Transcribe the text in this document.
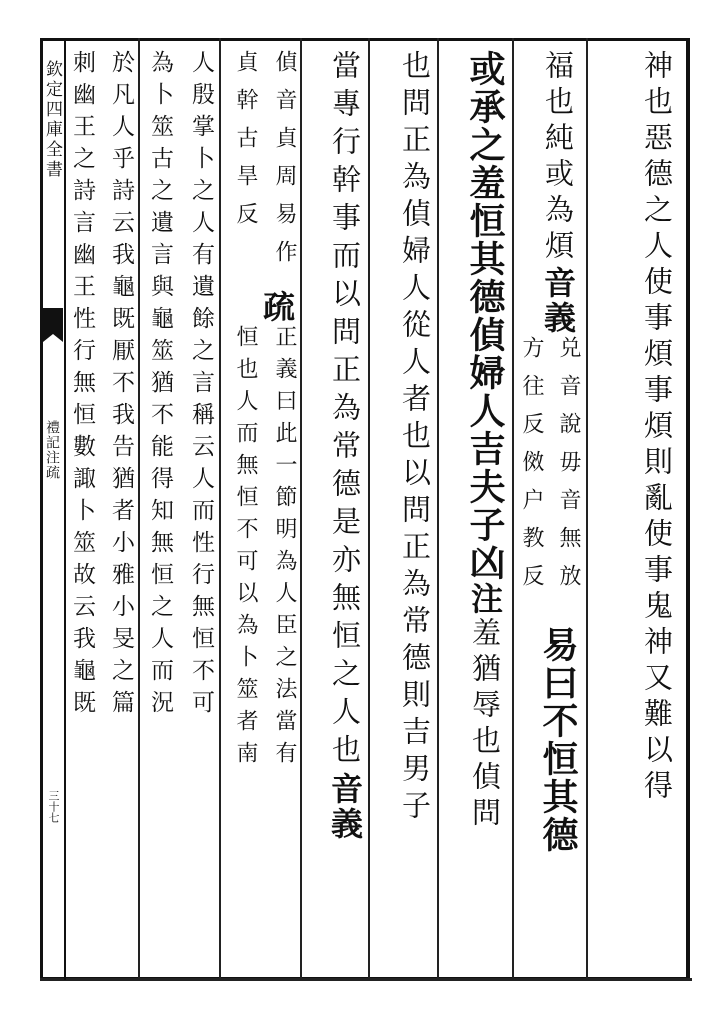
欽定四庫全書
禮記注疏
三十七
神也惡德之人使事煩事煩則亂使事鬼神又難以得
福也純或為煩音義
兑音說毋音無放
方往反傚户教反
易曰不恒其德
或承之羞恒其德偵婦人吉夫子凶注羞猶辱也偵問
也問正為偵婦人從人者也以問正為常德則吉男子
當專行幹事而以問正為常德是亦無恒之人也音義
偵音貞周易作
貞幹古旱反
疏
正義曰此一節明為人臣之法當有
恒也人而無恒不可以為卜筮者南
人殷掌卜之人有遺餘之言稱云人而性行無恒不可
為卜筮古之遺言與龜筮猶不能得知無恒之人而況
於凡人乎詩云我龜既厭不我告猶者小雅小旻之篇
刺幽王之詩言幽王性行無恒數諏卜筮故云我龜既
